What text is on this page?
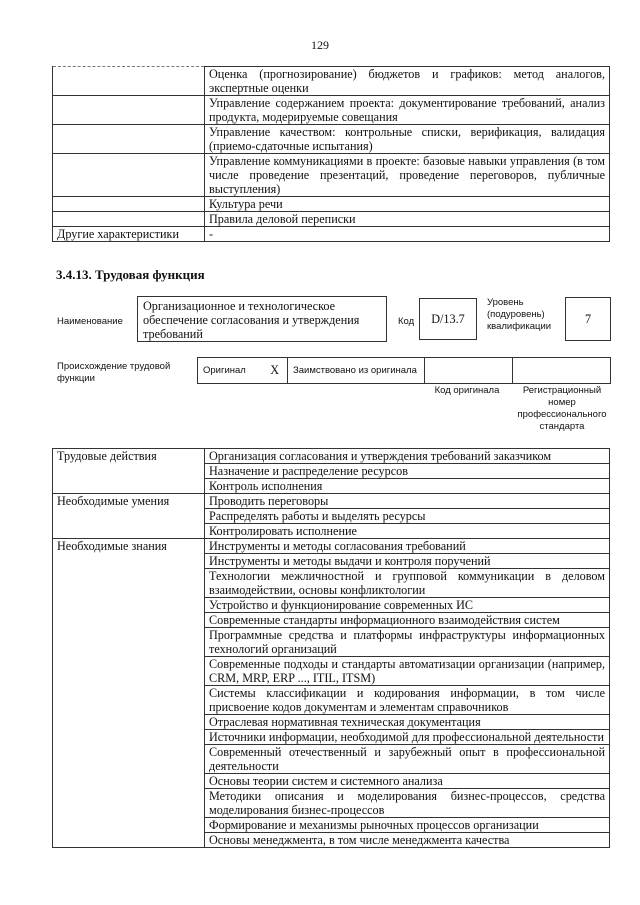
129
	Оценка (прогнозирование) бюджетов и графиков: метод аналогов, экспертные оценки
	Управление содержанием проекта: документирование требований, анализ продукта, модерируемые совещания
	Управление качеством: контрольные списки, верификация, валидация (приемо-сдаточные испытания)
	Управление коммуникациями в проекте: базовые навыки управления (в том числе проведение презентаций, проведение переговоров, публичные выступления)
	Культура речи
	Правила деловой переписки
Другие характеристики	-
3.4.13. Трудовая функция
Наименование
Организационное и технологическое обеспечение согласования и утверждения требований
Код	D/13.7
Уровень (подуровень) квалификации
7
Происхождение трудовой функции
Оригинал X	Заимствовано из оригинала
Код оригинала	Регистрационный номер профессионального стандарта
Трудовые действия	Организация согласования и утверждения требований заказчиком
	Назначение и распределение ресурсов
	Контроль исполнения
Необходимые умения	Проводить переговоры
	Распределять работы и выделять ресурсы
	Контролировать исполнение
Необходимые знания	Инструменты и методы согласования требований
	Инструменты и методы выдачи и контроля поручений
	Технологии межличностной и групповой коммуникации в деловом взаимодействии, основы конфликтологии
	Устройство и функционирование современных ИС
	Современные стандарты информационного взаимодействия систем
	Программные средства и платформы инфраструктуры информационных технологий организаций
	Современные подходы и стандарты автоматизации организации (например, CRM, MRP, ERP ..., ITIL, ITSM)
	Системы классификации и кодирования информации, в том числе присвоение кодов документам и элементам справочников
	Отраслевая нормативная техническая документация
	Источники информации, необходимой для профессиональной деятельности
	Современный отечественный и зарубежный опыт в профессиональной деятельности
	Основы теории систем и системного анализа
	Методики описания и моделирования бизнес-процессов, средства моделирования бизнес-процессов
	Формирование и механизмы рыночных процессов организации
	Основы менеджмента, в том числе менеджмента качества
